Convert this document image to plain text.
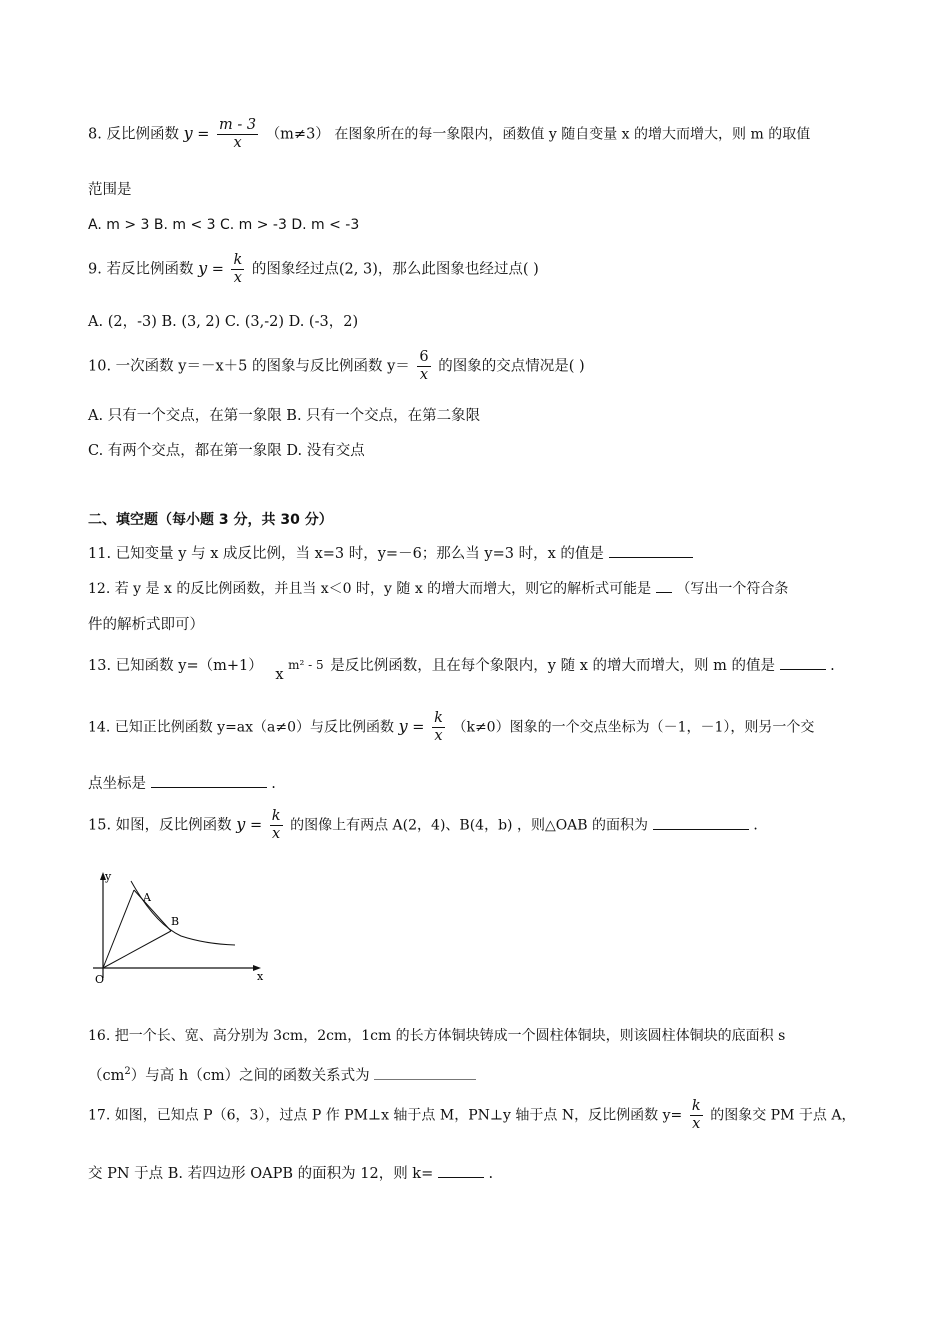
8. 反比例函数 $y = \frac{m - 3}{x} (m\ne 3)$ 在图象所在的每一象限内，函数值 y 随自变量 x 的增大而增大，则 m 的取值
范围是
A. m > 3 B. m < 3 C. m > -3 D. m < -3
9. 若反比例函数 $y = \frac{k}{x}$ 的图象经过点(2, 3)，那么此图象也经过点( )
A. (2，-3) B. (3, 2) C. (3,-2) D. (-3，2)
10. 一次函数 y＝－x＋5 的图象与反比例函数 $y= \frac{6}{x}$ 的图象的交点情况是( )
A. 只有一个交点，在第一象限 B. 只有一个交点，在第二象限
C. 有两个交点，都在第一象限 D. 没有交点
二、填空题（每小题 3 分，共 30 分）
11. 已知变量 y 与 x 成反比例，当 x=3 时，y=－6；那么当 y=3 时，x 的值是
12. 若 y 是 x 的反比例函数，并且当 x＜0 时，y 随 x 的增大而增大，则它的解析式可能是 （写出一个符合条
件的解析式即可）
13. 已知函数 y=（m+1） x m² - 5 是反比例函数，且在每个象限内，y 随 x 的增大而增大，则 m 的值是	.
14. 已知正比例函数 y=ax（a≠0）与反比例函数 $y = \frac{k}{x} (k\ne 0)$图象的一个交点坐标为（－1，－1），则另一个交
点坐标是	.
15. 如图，反比例函数 $y = \frac{k}{x}$ 的图像上有两点 A(2，4)、B(4，b) ，则△OAB 的面积为	.
y
x
O
A
B
16. 把一个长、宽、高分别为 3cm，2cm，1cm 的长方体铜块铸成一个圆柱体铜块，则该圆柱体铜块的底面积 s
$(cm^2)$与高 h（cm）之间的函数关系式为
17. 如图，已知点 P（6，3），过点 P 作 PM⊥x 轴于点 M，PN⊥y 轴于点 N，反比例函数 $y= \frac{k}{x}$ 的图象交 PM 于点 A，
交 PN 于点 B. 若四边形 OAPB 的面积为 12，则 k=	.
